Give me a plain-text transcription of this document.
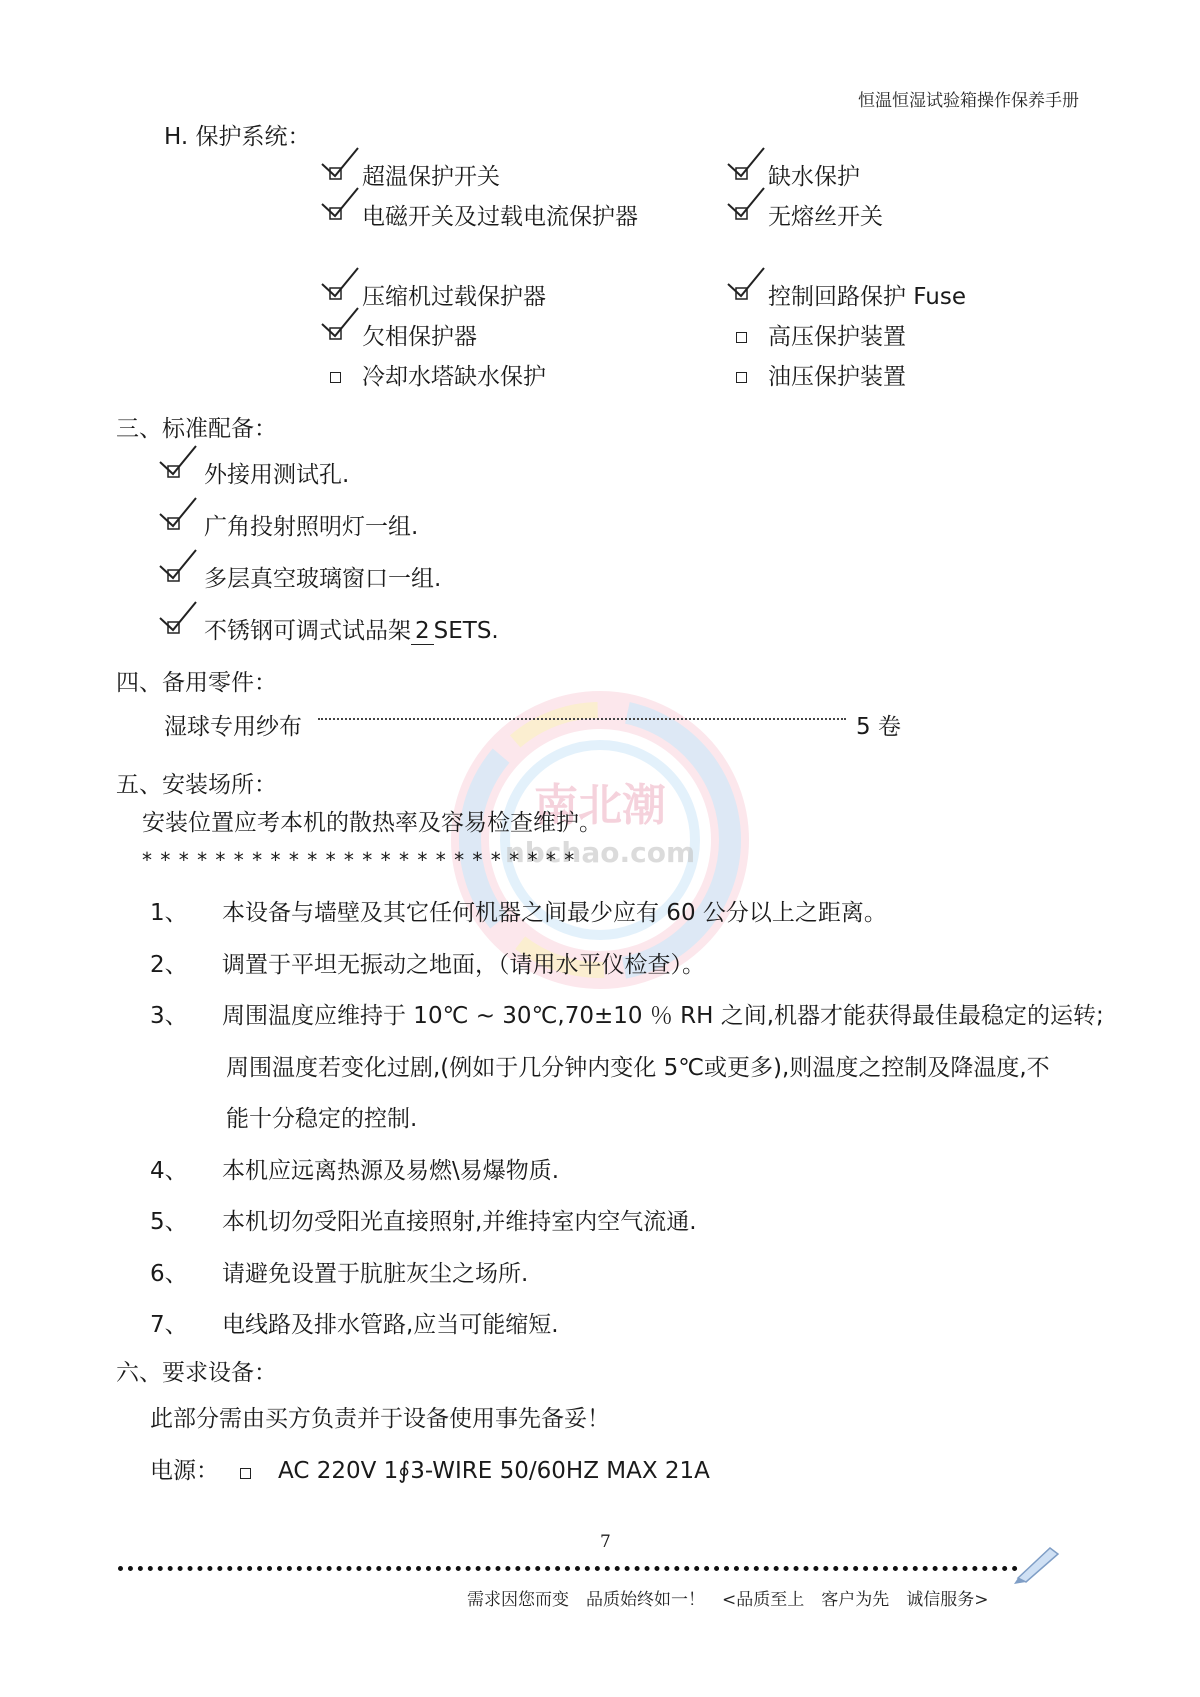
南北潮
nbchao.com
恒温恒湿试验箱操作保养手册
H. 保护系统：
超温保护开关	缺水保护
电磁开关及过载电流保护器	无熔丝开关
压缩机过载保护器	控制回路保护 Fuse
欠相保护器	高压保护装置
冷却水塔缺水保护	油压保护装置
三、标准配备：
外接用测试孔.
广角投射照明灯一组.
多层真空玻璃窗口一组.
不锈钢可调式试品架 2 SETS.
四、备用零件：
湿球专用纱布	5 卷
五、安装场所：
安装位置应考本机的散热率及容易检查维护。
* * * * * * * * * * * * * * * * * * * * * * * *
1、 本设备与墙壁及其它任何机器之间最少应有 60 公分以上之距离。
2、 调置于平坦无振动之地面，（请用水平仪检查）。
3、 周围温度应维持于 10℃ ~ 30℃,70±10 ％ RH 之间,机器才能获得最佳最稳定的运转;
周围温度若变化过剧,(例如于几分钟内变化 5℃或更多),则温度之控制及降温度,不
能十分稳定的控制.
4、 本机应远离热源及易燃\易爆物质.
5、 本机切勿受阳光直接照射,并维持室内空气流通.
6、 请避免设置于肮脏灰尘之场所.
7、 电线路及排水管路,应当可能缩短.
六、要求设备：
此部分需由买方负责并于设备使用事先备妥！
电源：	AC 220V 1∮3-WIRE 50/60HZ MAX 21A
7
需求因您而变　品质始终如一！　<品质至上　客户为先　诚信服务>
